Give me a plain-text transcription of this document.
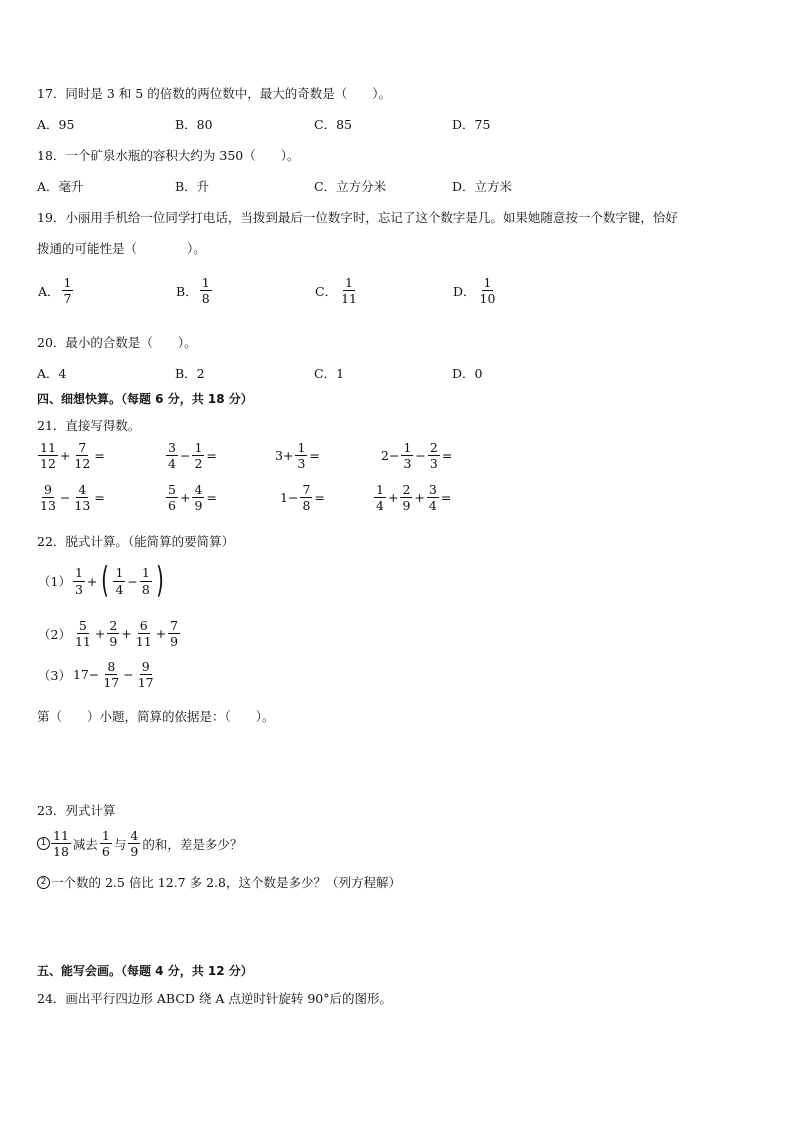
17．同时是 3 和 5 的倍数的两位数中，最大的奇数是（　　）。
A．95	B．80	C．85	D．75
18．一个矿泉水瓶的容积大约为 350（　　）。
A．毫升	B．升	C．立方分米	D．立方米
19．小丽用手机给一位同学打电话，当拨到最后一位数字时，忘记了这个数字是几。如果她随意按一个数字键，恰好
拨通的可能性是（　　　　）。
A． $\frac{1}{7}$	B． $\frac{1}{8}$	C． $\frac{1}{11}$	D． $\frac{1}{10}$
20．最小的合数是（　　）。
A．4	B．2	C．1	D．0
四、细想快算。（每题 6 分，共 18 分）
21．直接写得数。
$\frac{11}{12} + \frac{7}{12}$ =	$\frac{3}{4} - \frac{1}{2}$ =	$3+ \frac{1}{3}$ =	$2- \frac{1}{3} - \frac{2}{3}$ =
$\frac{9}{13} - \frac{4}{13}$ =	$\frac{5}{6} + \frac{4}{9}$ =	$1- \frac{7}{8}$ =	$\frac{1}{4} + \frac{2}{9} + \frac{3}{4}$ =
22．脱式计算。（能简算的要简算）
$(1) \frac{1}{3}$ + ( $\frac{1}{4} - \frac{1}{8}$ )
$(2) \frac{5}{11} + \frac{2}{9} + \frac{6}{11} + \frac{7}{9}$
（3） $17- \frac{8}{17} - \frac{9}{17}$
第（　　）小题，简算的依据是：（　　）。
23．列式计算
$1 \frac{11}{18}$ 减去 $\frac{1}{6}$ 与 $\frac{4}{9}$ 的和，差是多少？
2 一个数的 2.5 倍比 12.7 多 2.8，这个数是多少？（列方程解）
五、能写会画。（每题 4 分，共 12 分）
24．画出平行四边形 ABCD 绕 A 点逆时针旋转 90°后的图形。
